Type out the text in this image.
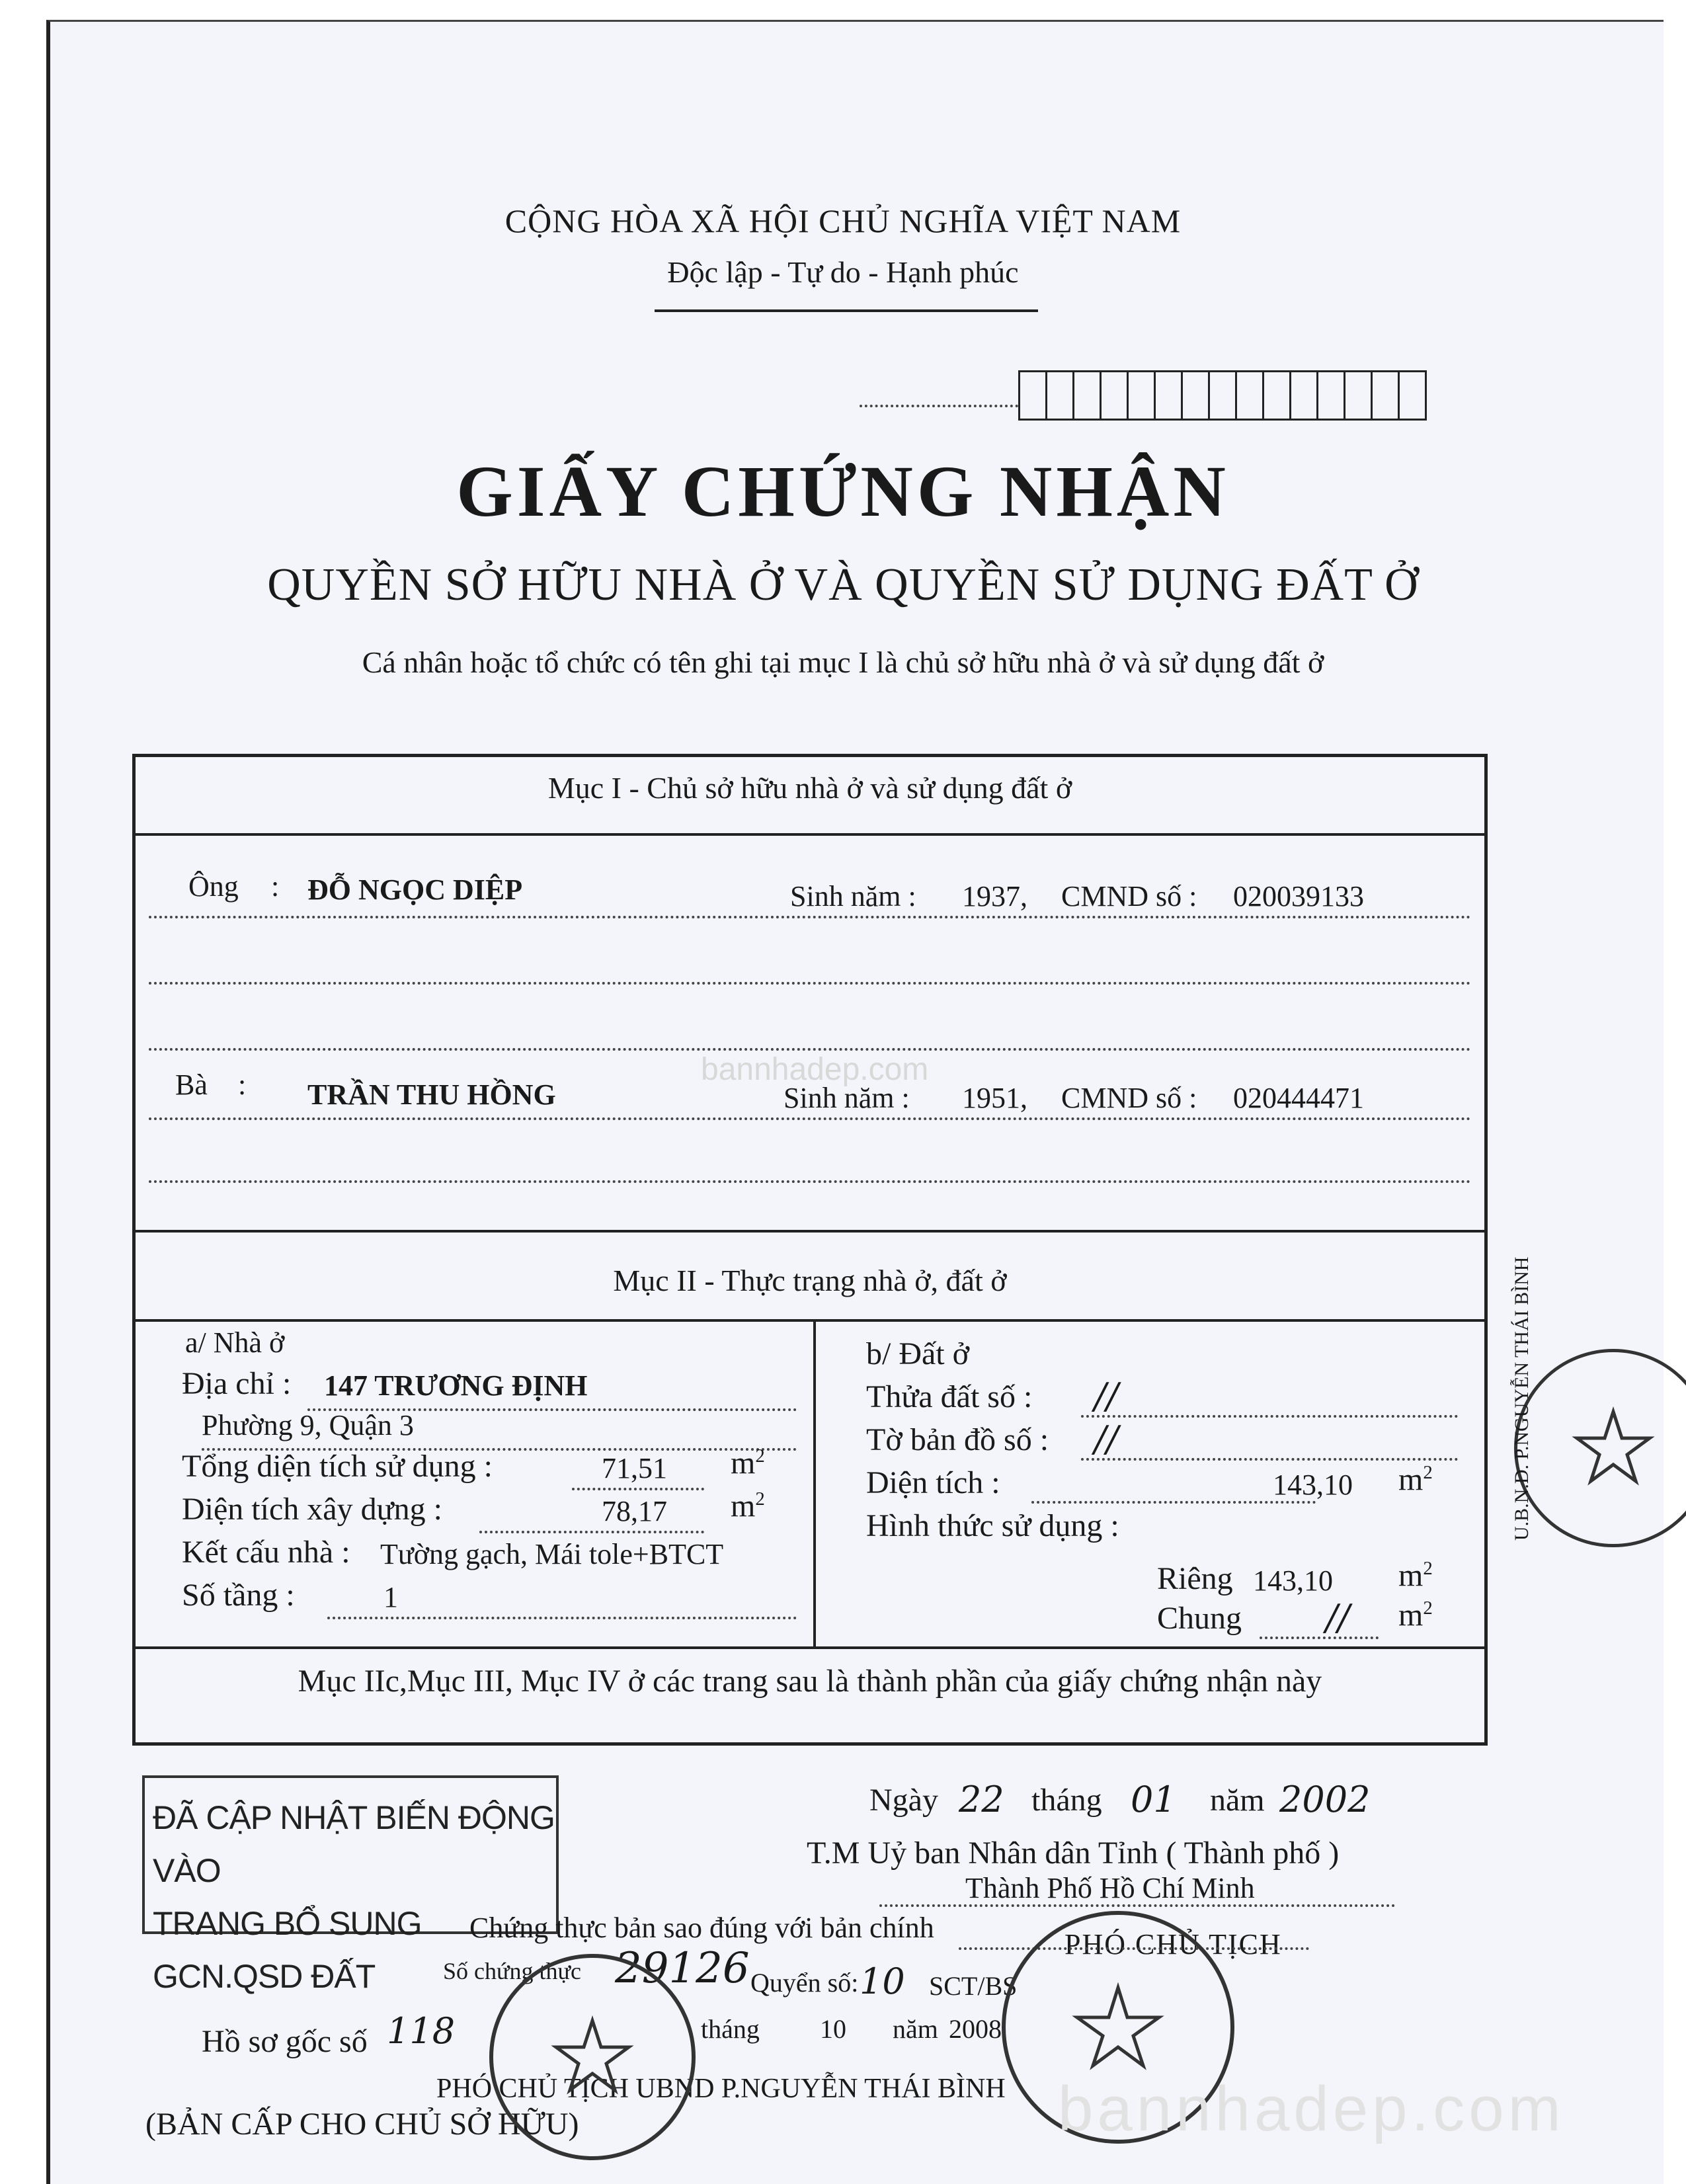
CỘNG HÒA XÃ HỘI CHỦ NGHĨA VIỆT NAM
Độc lập - Tự do - Hạnh phúc
GIẤY CHỨNG NHẬN
QUYỀN SỞ HỮU NHÀ Ở VÀ QUYỀN SỬ DỤNG ĐẤT Ở
Cá nhân hoặc tổ chức có tên ghi tại mục I là chủ sở hữu nhà ở và sử dụng đất ở
Mục I - Chủ sở hữu nhà ở và sử dụng đất ở
Ông : ĐỖ NGỌC DIỆP	Sinh năm : 1937, CMND số : 020039133
Bà : TRẦN THU HỒNG	Sinh năm : 1951, CMND số : 020444471
Mục II - Thực trạng nhà ở, đất ở
a/ Nhà ở
Địa chỉ : 147 TRƯƠNG ĐỊNH
Phường 9, Quận 3
Tổng diện tích sử dụng :	71,51 $m^2$
Diện tích xây dựng :	78,17 $m^2$
Kết cấu nhà : Tường gạch, Mái tole+BTCT
Số tầng :	1
b/ Đất ở
Thửa đất số : //
Tờ bản đồ số : //
Diện tích :	143,10 $m^2$
Hình thức sử dụng :
Riêng 143,10 $m^2$
Chung // $m^2$
Mục IIc,Mục III, Mục IV ở các trang sau là thành phần của giấy chứng nhận này
Ngày 22 tháng 01 năm 2002
T.M Uỷ ban Nhân dân Tỉnh ( Thành phố )
Thành Phố Hồ Chí Minh
PHÓ CHỦ TỊCH
ĐÃ CẬP NHẬT BIẾN ĐỘNG VÀO
TRANG BỔ SUNG GCN.QSD ĐẤT
Chứng thực bản sao đúng với bản chính
Số chứng thực 29126 Quyển số: 10 SCT/BS
tháng 10 năm 2008
PHÓ CHỦ TỊCH UBND P.NGUYỄN THÁI BÌNH
Hồ sơ gốc số 118
(BẢN CẤP CHO CHỦ SỞ HỮU)
U.B.N.D. P.NGUYỄN THÁI BÌNH
bannhadep.com
bannhadep.com
